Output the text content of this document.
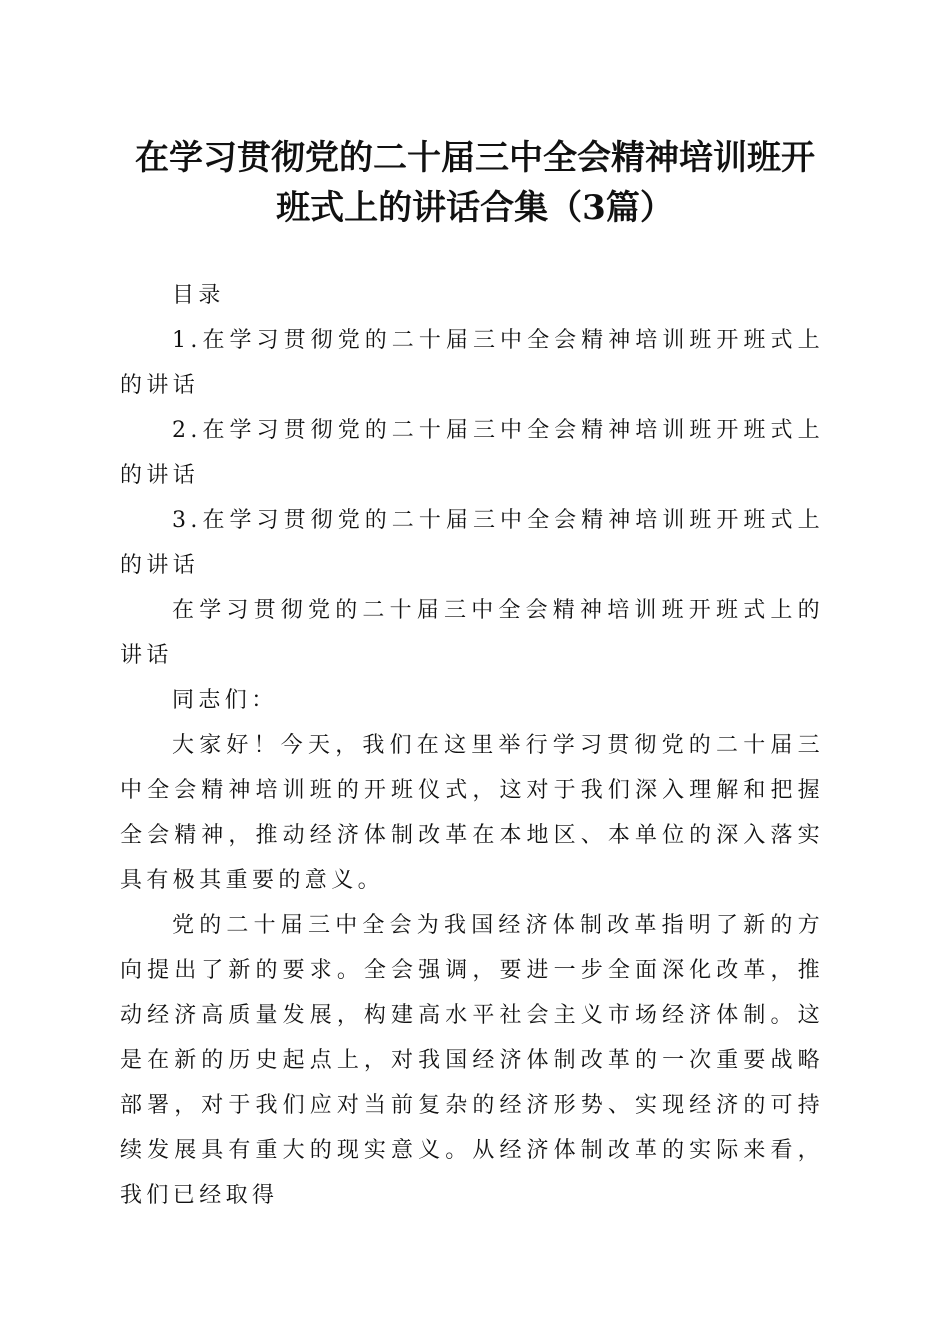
在学习贯彻党的二十届三中全会精神培训班开
班式上的讲话合集（3篇）

目录

1.在学习贯彻党的二十届三中全会精神培训班开班式上的讲话

2.在学习贯彻党的二十届三中全会精神培训班开班式上的讲话

3.在学习贯彻党的二十届三中全会精神培训班开班式上的讲话

在学习贯彻党的二十届三中全会精神培训班开班式上的讲话

同志们：

大家好！今天，我们在这里举行学习贯彻党的二十届三中全会精神培训班的开班仪式，这对于我们深入理解和把握全会精神，推动经济体制改革在本地区、本单位的深入落实具有极其重要的意义。

党的二十届三中全会为我国经济体制改革指明了新的方向提出了新的要求。全会强调，要进一步全面深化改革，推动经济高质量发展，构建高水平社会主义市场经济体制。这是在新的历史起点上，对我国经济体制改革的一次重要战略部署，对于我们应对当前复杂的经济形势、实现经济的可持续发展具有重大的现实意义。从经济体制改革的实际来看，我们已经取得
